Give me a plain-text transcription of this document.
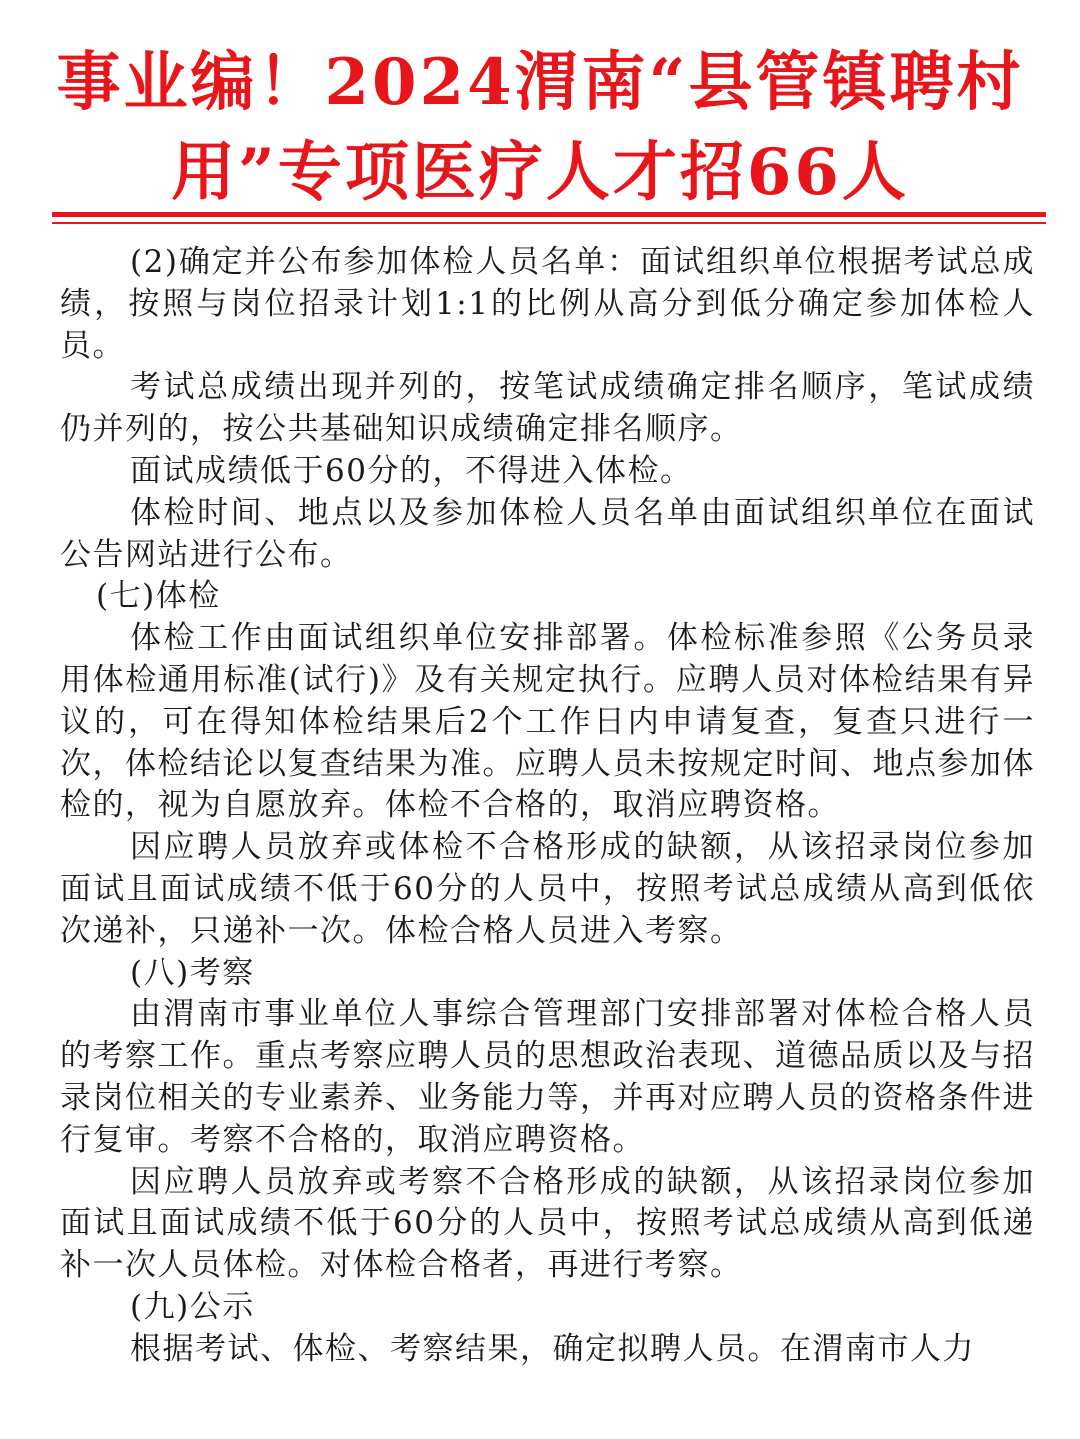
事业编！2024渭南“县管镇聘村
用”专项医疗人才招66人

(2)确定并公布参加体检人员名单：面试组织单位根据考试总成绩，按照与岗位招录计划1:1的比例从高分到低分确定参加体检人员。

考试总成绩出现并列的，按笔试成绩确定排名顺序，笔试成绩仍并列的，按公共基础知识成绩确定排名顺序。

面试成绩低于60分的，不得进入体检。

体检时间、地点以及参加体检人员名单由面试组织单位在面试公告网站进行公布。

(七)体检

体检工作由面试组织单位安排部署。体检标准参照《公务员录用体检通用标准(试行)》及有关规定执行。应聘人员对体检结果有异议的，可在得知体检结果后2个工作日内申请复查，复查只进行一次，体检结论以复查结果为准。应聘人员未按规定时间、地点参加体检的，视为自愿放弃。体检不合格的，取消应聘资格。

因应聘人员放弃或体检不合格形成的缺额，从该招录岗位参加面试且面试成绩不低于60分的人员中，按照考试总成绩从高到低依次递补，只递补一次。体检合格人员进入考察。

(八)考察

由渭南市事业单位人事综合管理部门安排部署对体检合格人员的考察工作。重点考察应聘人员的思想政治表现、道德品质以及与招录岗位相关的专业素养、业务能力等，并再对应聘人员的资格条件进行复审。考察不合格的，取消应聘资格。

因应聘人员放弃或考察不合格形成的缺额，从该招录岗位参加面试且面试成绩不低于60分的人员中，按照考试总成绩从高到低递补一次人员体检。对体检合格者，再进行考察。

(九)公示

根据考试、体检、考察结果，确定拟聘人员。在渭南市人力
